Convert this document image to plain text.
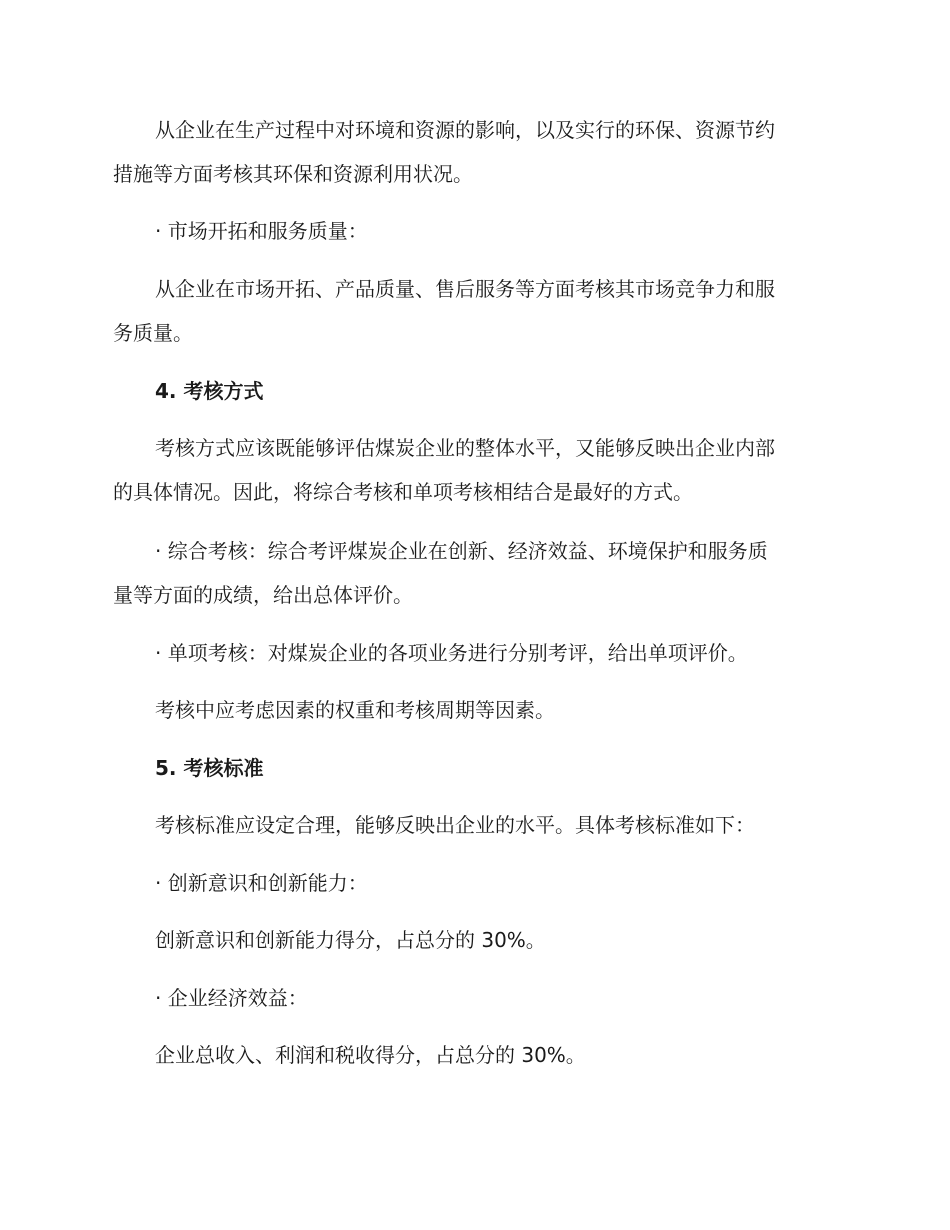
从企业在生产过程中对环境和资源的影响，以及实行的环保、资源节约
措施等方面考核其环保和资源利用状况。
· 市场开拓和服务质量：
从企业在市场开拓、产品质量、售后服务等方面考核其市场竞争力和服
务质量。
4. 考核方式
考核方式应该既能够评估煤炭企业的整体水平，又能够反映出企业内部
的具体情况。因此，将综合考核和单项考核相结合是最好的方式。
· 综合考核：综合考评煤炭企业在创新、经济效益、环境保护和服务质
量等方面的成绩，给出总体评价。
· 单项考核：对煤炭企业的各项业务进行分别考评，给出单项评价。
考核中应考虑因素的权重和考核周期等因素。
5. 考核标准
考核标准应设定合理，能够反映出企业的水平。具体考核标准如下：
· 创新意识和创新能力：
创新意识和创新能力得分，占总分的 30%。
· 企业经济效益：
企业总收入、利润和税收得分，占总分的 30%。
